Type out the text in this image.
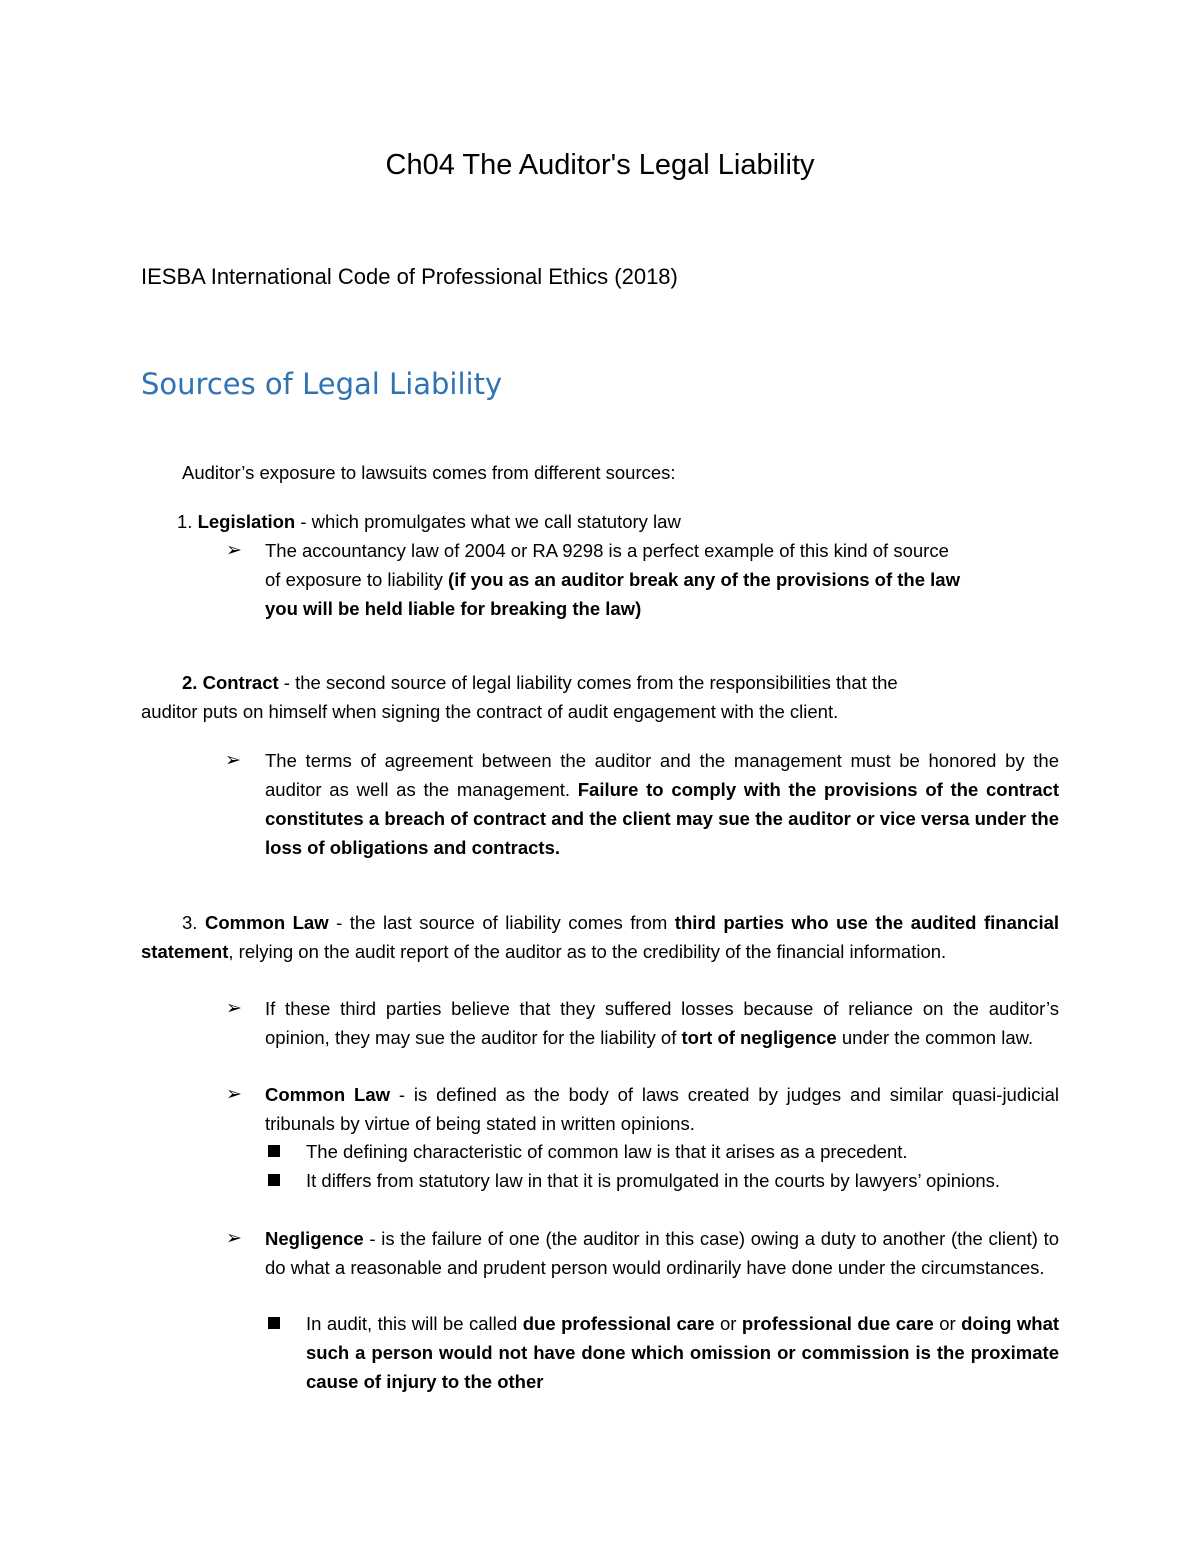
Ch04 The Auditor's Legal Liability
IESBA International Code of Professional Ethics (2018)
Sources of Legal Liability
Auditor’s exposure to lawsuits comes from different sources:
1. Legislation - which promulgates what we call statutory law
➢ The accountancy law of 2004 or RA 9298 is a perfect example of this kind of source
of exposure to liability (if you as an auditor break any of the provisions of the law
you will be held liable for breaking the law)
2. Contract - the second source of legal liability comes from the responsibilities that the
auditor puts on himself when signing the contract of audit engagement with the client.
➢ The terms of agreement between the auditor and the management must be honored by the auditor as well as the management. Failure to comply with the provisions of the contract constitutes a breach of contract and the client may sue the auditor or vice versa under the loss of obligations and contracts.
3. Common Law - the last source of liability comes from third parties who use the audited financial statement, relying on the audit report of the auditor as to the credibility of the financial information.
➢ If these third parties believe that they suffered losses because of reliance on the auditor’s opinion, they may sue the auditor for the liability of tort of negligence under the common law.
➢ Common Law - is defined as the body of laws created by judges and similar quasi-judicial tribunals by virtue of being stated in written opinions.
The defining characteristic of common law is that it arises as a precedent.
It differs from statutory law in that it is promulgated in the courts by lawyers’ opinions.
➢ Negligence - is the failure of one (the auditor in this case) owing a duty to another (the client) to do what a reasonable and prudent person would ordinarily have done under the circumstances.
In audit, this will be called due professional care or professional due care or doing what such a person would not have done which omission or commission is the proximate cause of injury to the other
